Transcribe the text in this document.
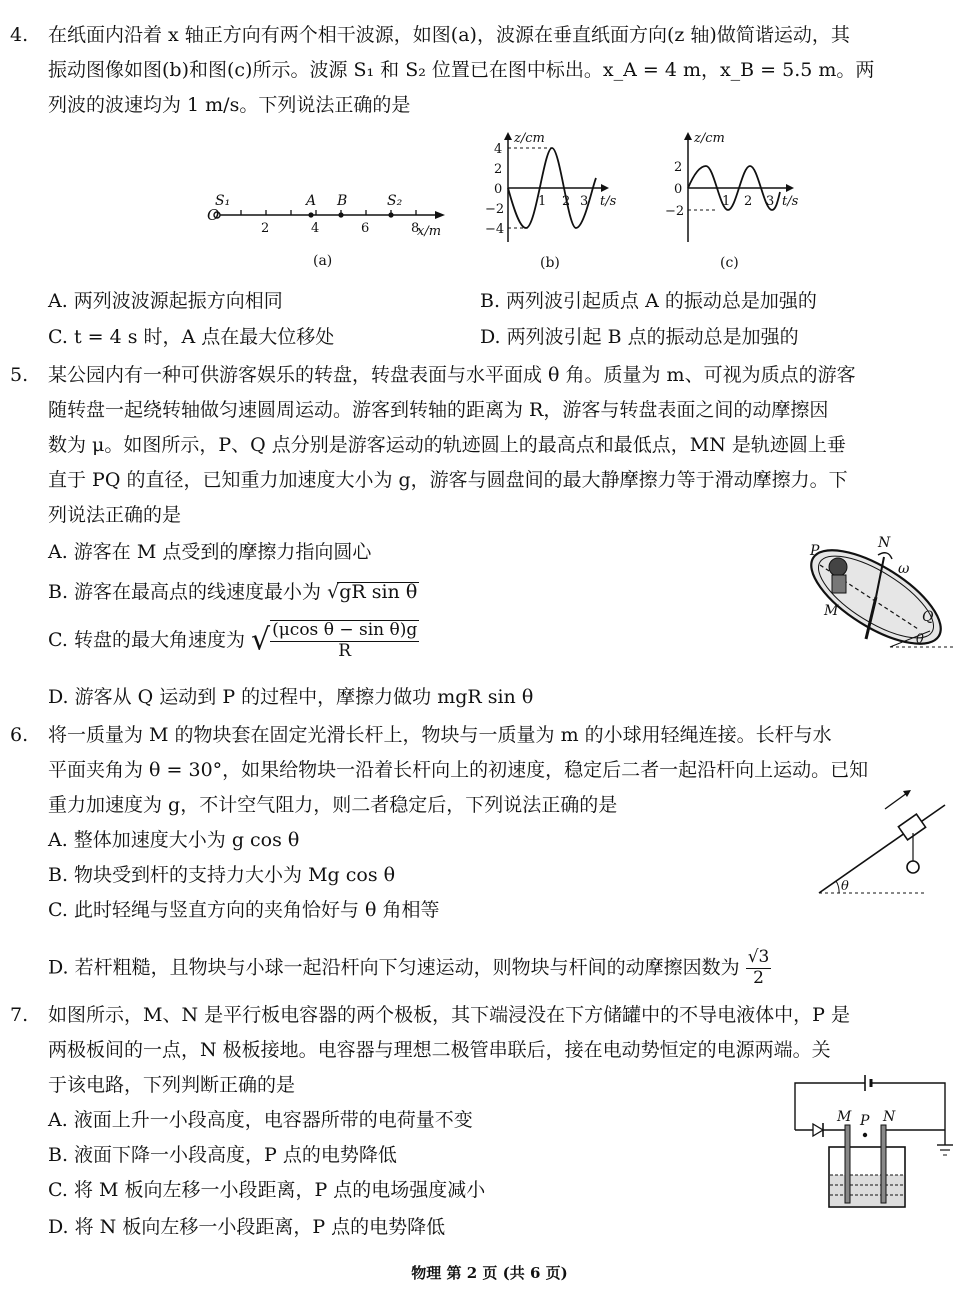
4. 在纸面内沿着 x 轴正方向有两个相干波源，如图(a)，波源在垂直纸面方向(z 轴)做简谐运动，其
振动图像如图(b)和图(c)所示。波源 S₁ 和 S₂ 位置已在图中标出。x_A = 4 m，x_B = 5.5 m。两
列波的波速均为 1 m/s。下列说法正确的是
O
S₁	A B	S₂
2	4	6	8
x/m
(a)
z/cm
4
2
0
−2
−4
1 2 3 t/s
(b)
z/cm
2
0
−2
1 2 3 t/s
(c)
A. 两列波波源起振方向相同	B. 两列波引起质点 A 的振动总是加强的
C. t = 4 s 时，A 点在最大位移处	D. 两列波引起 B 点的振动总是加强的
5. 某公园内有一种可供游客娱乐的转盘，转盘表面与水平面成 θ 角。质量为 m、可视为质点的游客
随转盘一起绕转轴做匀速圆周运动。游客到转轴的距离为 R，游客与转盘表面之间的动摩擦因
数为 μ。如图所示，P、Q 点分别是游客运动的轨迹圆上的最高点和最低点，MN 是轨迹圆上垂
直于 PQ 的直径，已知重力加速度大小为 g，游客与圆盘间的最大静摩擦力等于滑动摩擦力。下
列说法正确的是
A. 游客在 M 点受到的摩擦力指向圆心
B. 游客在最高点的线速度最小为 √gR sin θ
C. 转盘的最大角速度为 √ $\frac{\text{(μcos θ − sin θ)g}}{R}$
D. 游客从 Q 运动到 P 的过程中，摩擦力做功 mgR sin θ
P	N
ω
M	Q
θ
6. 将一质量为 M 的物块套在固定光滑长杆上，物块与一质量为 m 的小球用轻绳连接。长杆与水
平面夹角为 θ = 30°，如果给物块一沿着长杆向上的初速度，稳定后二者一起沿杆向上运动。已知
重力加速度为 g，不计空气阻力，则二者稳定后，下列说法正确的是
A. 整体加速度大小为 g cos θ
B. 物块受到杆的支持力大小为 Mg cos θ
C. 此时轻绳与竖直方向的夹角恰好与 θ 角相等
D. 若杆粗糙，且物块与小球一起沿杆向下匀速运动，则物块与杆间的动摩擦因数为 $\frac{√3}{2}$
θ
7. 如图所示，M、N 是平行板电容器的两个极板，其下端浸没在下方储罐中的不导电液体中，P 是
两极板间的一点，N 极板接地。电容器与理想二极管串联后，接在电动势恒定的电源两端。关
于该电路，下列判断正确的是
A. 液面上升一小段高度，电容器所带的电荷量不变
B. 液面下降一小段高度，P 点的电势降低
C. 将 M 板向左移一小段距离，P 点的电场强度减小
D. 将 N 板向左移一小段距离，P 点的电势降低
M P N
物理 第 2 页 (共 6 页)
